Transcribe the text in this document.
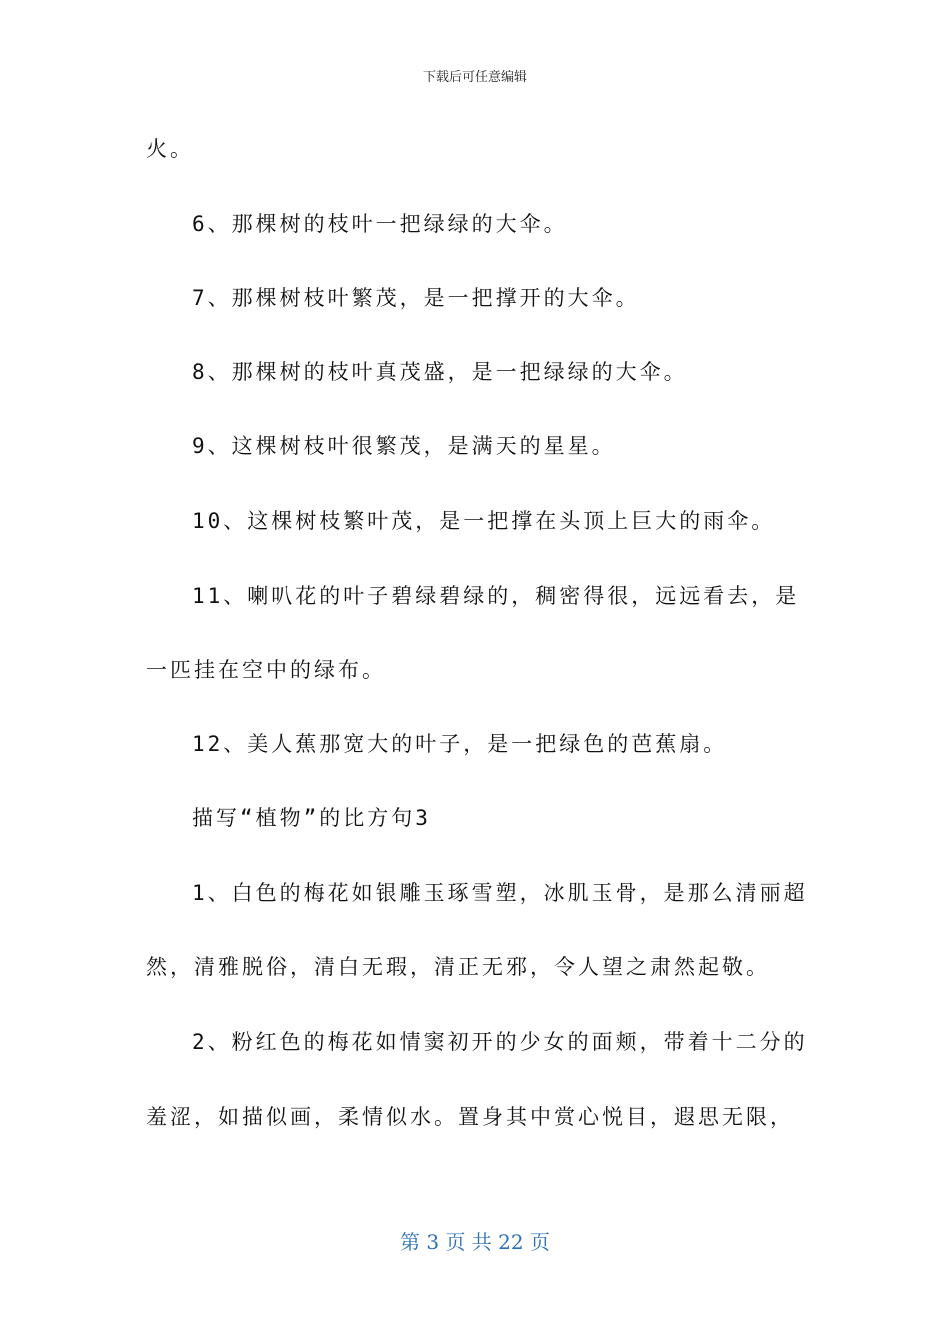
下载后可任意编辑
火。
6、那棵树的枝叶一把绿绿的大伞。
7、那棵树枝叶繁茂，是一把撑开的大伞。
8、那棵树的枝叶真茂盛，是一把绿绿的大伞。
9、这棵树枝叶很繁茂，是满天的星星。
10、这棵树枝繁叶茂，是一把撑在头顶上巨大的雨伞。
11、喇叭花的叶子碧绿碧绿的，稠密得很，远远看去，是
一匹挂在空中的绿布。
12、美人蕉那宽大的叶子，是一把绿色的芭蕉扇。
描写“植物”的比方句3
1、白色的梅花如银雕玉琢雪塑，冰肌玉骨，是那么清丽超
然，清雅脱俗，清白无瑕，清正无邪，令人望之肃然起敬。
2、粉红色的梅花如情窦初开的少女的面颊，带着十二分的
羞涩，如描似画，柔情似水。置身其中赏心悦目，遐思无限，
第 3 页 共 22 页
